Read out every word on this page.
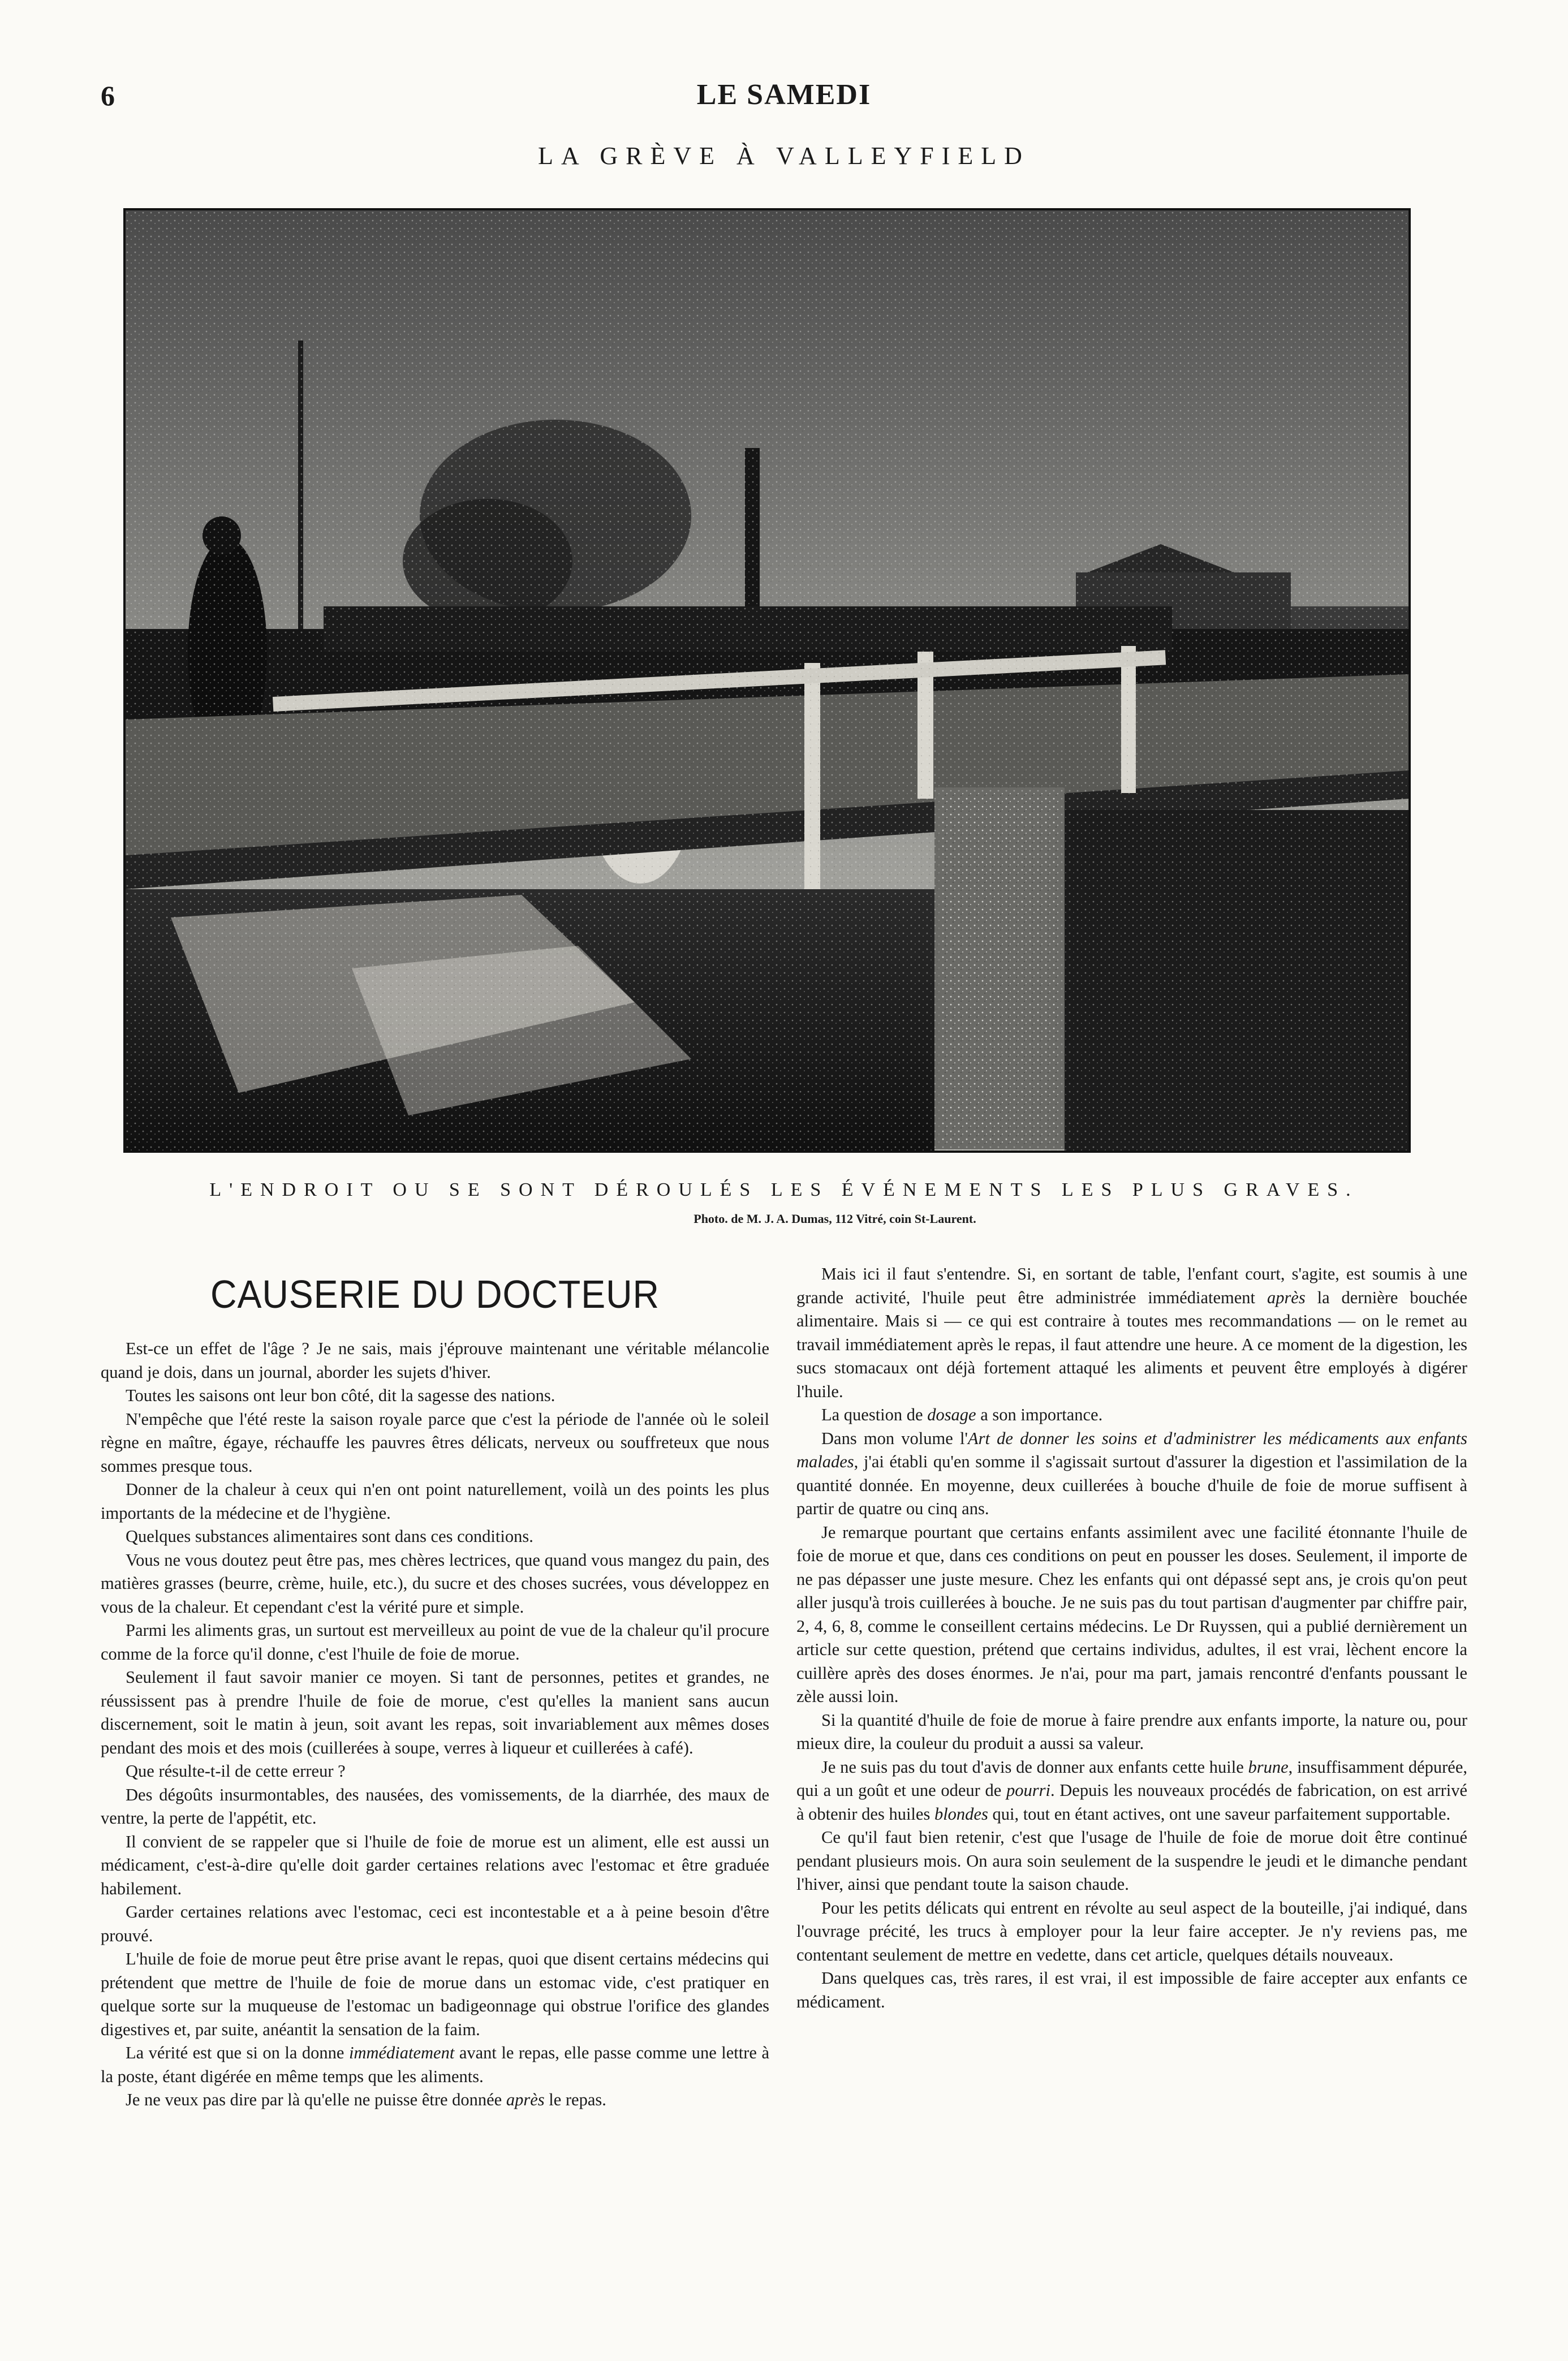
6	LE SAMEDI
LA GRÈVE À VALLEYFIELD
L'ENDROIT OU SE SONT DÉROULÉS LES ÉVÉNEMENTS LES PLUS GRAVES.
Photo. de M. J. A. Dumas, 112 Vitré, coin St-Laurent.
CAUSERIE DU DOCTEUR

Est-ce un effet de l'âge ? Je ne sais, mais j'éprouve maintenant une véritable mélancolie quand je dois, dans un journal, aborder les sujets d'hiver.

Toutes les saisons ont leur bon côté, dit la sagesse des nations.

N'empêche que l'été reste la saison royale parce que c'est la période de l'année où le soleil règne en maître, égaye, réchauffe les pauvres êtres délicats, nerveux ou souffreteux que nous sommes presque tous.

Donner de la chaleur à ceux qui n'en ont point naturellement, voilà un des points les plus importants de la médecine et de l'hygiène.

Quelques substances alimentaires sont dans ces conditions.

Vous ne vous doutez peut être pas, mes chères lectrices, que quand vous mangez du pain, des matières grasses (beurre, crème, huile, etc.), du sucre et des choses sucrées, vous développez en vous de la chaleur. Et cependant c'est la vérité pure et simple.

Parmi les aliments gras, un surtout est merveilleux au point de vue de la chaleur qu'il procure comme de la force qu'il donne, c'est l'huile de foie de morue.

Seulement il faut savoir manier ce moyen. Si tant de personnes, petites et grandes, ne réussissent pas à prendre l'huile de foie de morue, c'est qu'elles la manient sans aucun discernement, soit le matin à jeun, soit avant les repas, soit invariablement aux mêmes doses pendant des mois et des mois (cuillerées à soupe, verres à liqueur et cuillerées à café).

Que résulte-t-il de cette erreur ?

Des dégoûts insurmontables, des nausées, des vomissements, de la diarrhée, des maux de ventre, la perte de l'appétit, etc.

Il convient de se rappeler que si l'huile de foie de morue est un aliment, elle est aussi un médicament, c'est-à-dire qu'elle doit garder certaines relations avec l'estomac et être graduée habilement.

Garder certaines relations avec l'estomac, ceci est incontestable et a à peine besoin d'être prouvé.

L'huile de foie de morue peut être prise avant le repas, quoi que disent certains médecins qui prétendent que mettre de l'huile de foie de morue dans un estomac vide, c'est pratiquer en quelque sorte sur la muqueuse de l'estomac un badigeonnage qui obstrue l'orifice des glandes digestives et, par suite, anéantit la sensation de la faim.

La vérité est que si on la donne immédiatement avant le repas, elle passe comme une lettre à la poste, étant digérée en même temps que les aliments.

Je ne veux pas dire par là qu'elle ne puisse être donnée après le repas.

Mais ici il faut s'entendre. Si, en sortant de table, l'enfant court, s'agite, est soumis à une grande activité, l'huile peut être administrée immédiatement après la dernière bouchée alimentaire. Mais si — ce qui est contraire à toutes mes recommandations — on le remet au travail immédiatement après le repas, il faut attendre une heure. A ce moment de la digestion, les sucs stomacaux ont déjà fortement attaqué les aliments et peuvent être employés à digérer l'huile.

La question de dosage a son importance.

Dans mon volume l'Art de donner les soins et d'administrer les médicaments aux enfants malades, j'ai établi qu'en somme il s'agissait surtout d'assurer la digestion et l'assimilation de la quantité donnée. En moyenne, deux cuillerées à bouche d'huile de foie de morue suffisent à partir de quatre ou cinq ans.

Je remarque pourtant que certains enfants assimilent avec une facilité étonnante l'huile de foie de morue et que, dans ces conditions on peut en pousser les doses. Seulement, il importe de ne pas dépasser une juste mesure. Chez les enfants qui ont dépassé sept ans, je crois qu'on peut aller jusqu'à trois cuillerées à bouche. Je ne suis pas du tout partisan d'augmenter par chiffre pair, 2, 4, 6, 8, comme le conseillent certains médecins. Le Dr Ruyssen, qui a publié dernièrement un article sur cette question, prétend que certains individus, adultes, il est vrai, lèchent encore la cuillère après des doses énormes. Je n'ai, pour ma part, jamais rencontré d'enfants poussant le zèle aussi loin.

Si la quantité d'huile de foie de morue à faire prendre aux enfants importe, la nature ou, pour mieux dire, la couleur du produit a aussi sa valeur.

Je ne suis pas du tout d'avis de donner aux enfants cette huile brune, insuffisamment dépurée, qui a un goût et une odeur de pourri. Depuis les nouveaux procédés de fabrication, on est arrivé à obtenir des huiles blondes qui, tout en étant actives, ont une saveur parfaitement supportable.

Ce qu'il faut bien retenir, c'est que l'usage de l'huile de foie de morue doit être continué pendant plusieurs mois. On aura soin seulement de la suspendre le jeudi et le dimanche pendant l'hiver, ainsi que pendant toute la saison chaude.

Pour les petits délicats qui entrent en révolte au seul aspect de la bouteille, j'ai indiqué, dans l'ouvrage précité, les trucs à employer pour la leur faire accepter. Je n'y reviens pas, me contentant seulement de mettre en vedette, dans cet article, quelques détails nouveaux.

Dans quelques cas, très rares, il est vrai, il est impossible de faire accepter aux enfants ce médicament.
